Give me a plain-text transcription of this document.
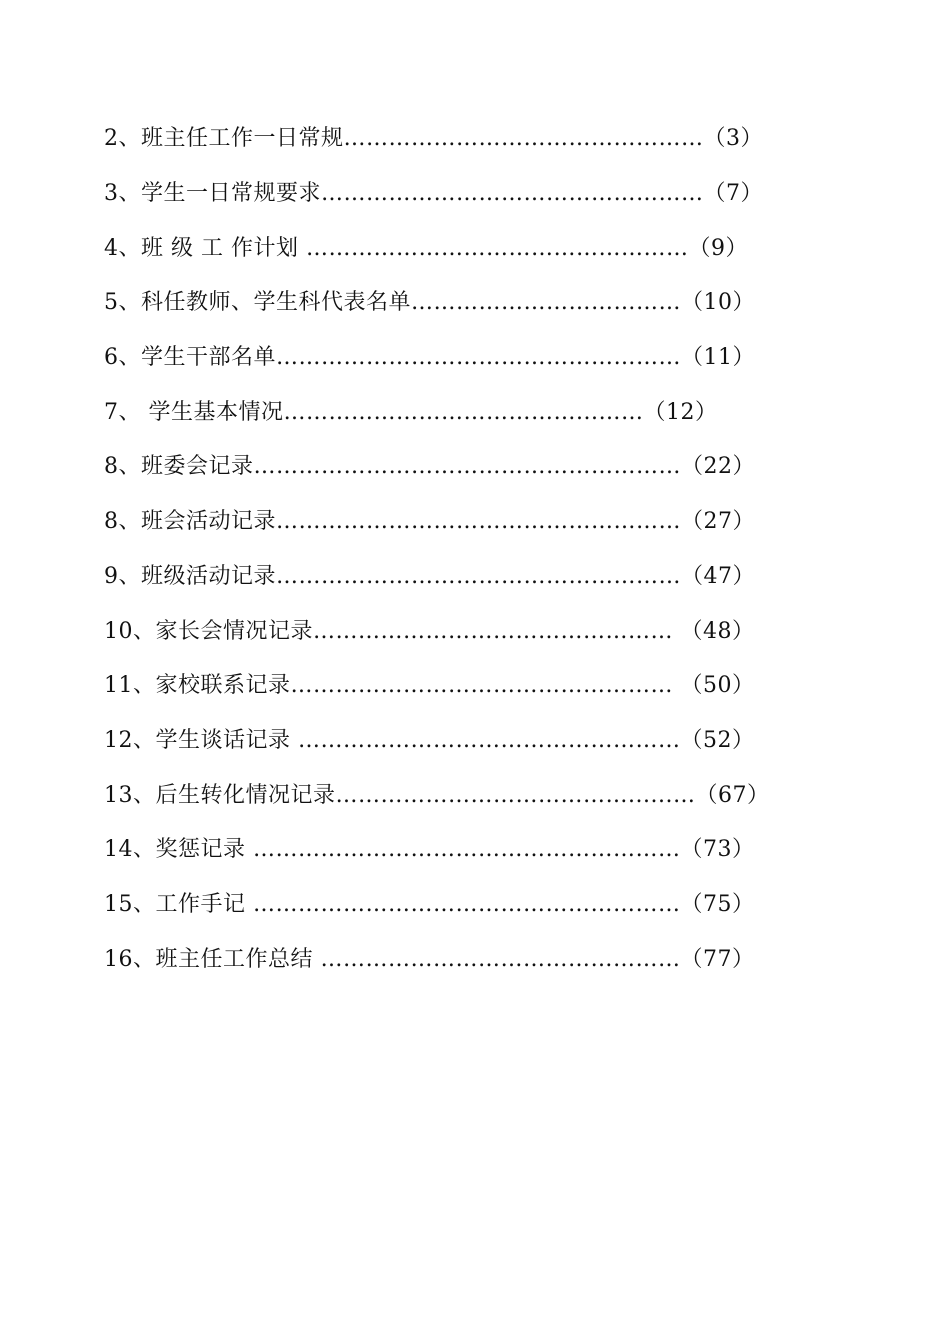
2、班主任工作一日常规…………………………………………（3）
3、学生一日常规要求……………………………………………（7）
4、班 级 工 作计划 ……………………………………………（9）
5、科任教师、学生科代表名单………………………………（10）
6、学生干部名单………………………………………………（11）
7、 学生基本情况…………………………………...……（12）
8、班委会记录…………………………………………………（22）
8、班会活动记录………………………………………………（27）
9、班级活动记录………………………………………………（47）
10、家长会情况记录………………………………………… （48）
11、家校联系记录…………………………………………… （50）
12、学生谈话记录 ……………………………………………（52）
13、后生转化情况记录…………………………………......…（67）
14、奖惩记录 …………………………………………………（73）
15、工作手记 …………………………………………………（75）
16、班主任工作总结 …………………………………………（77）
